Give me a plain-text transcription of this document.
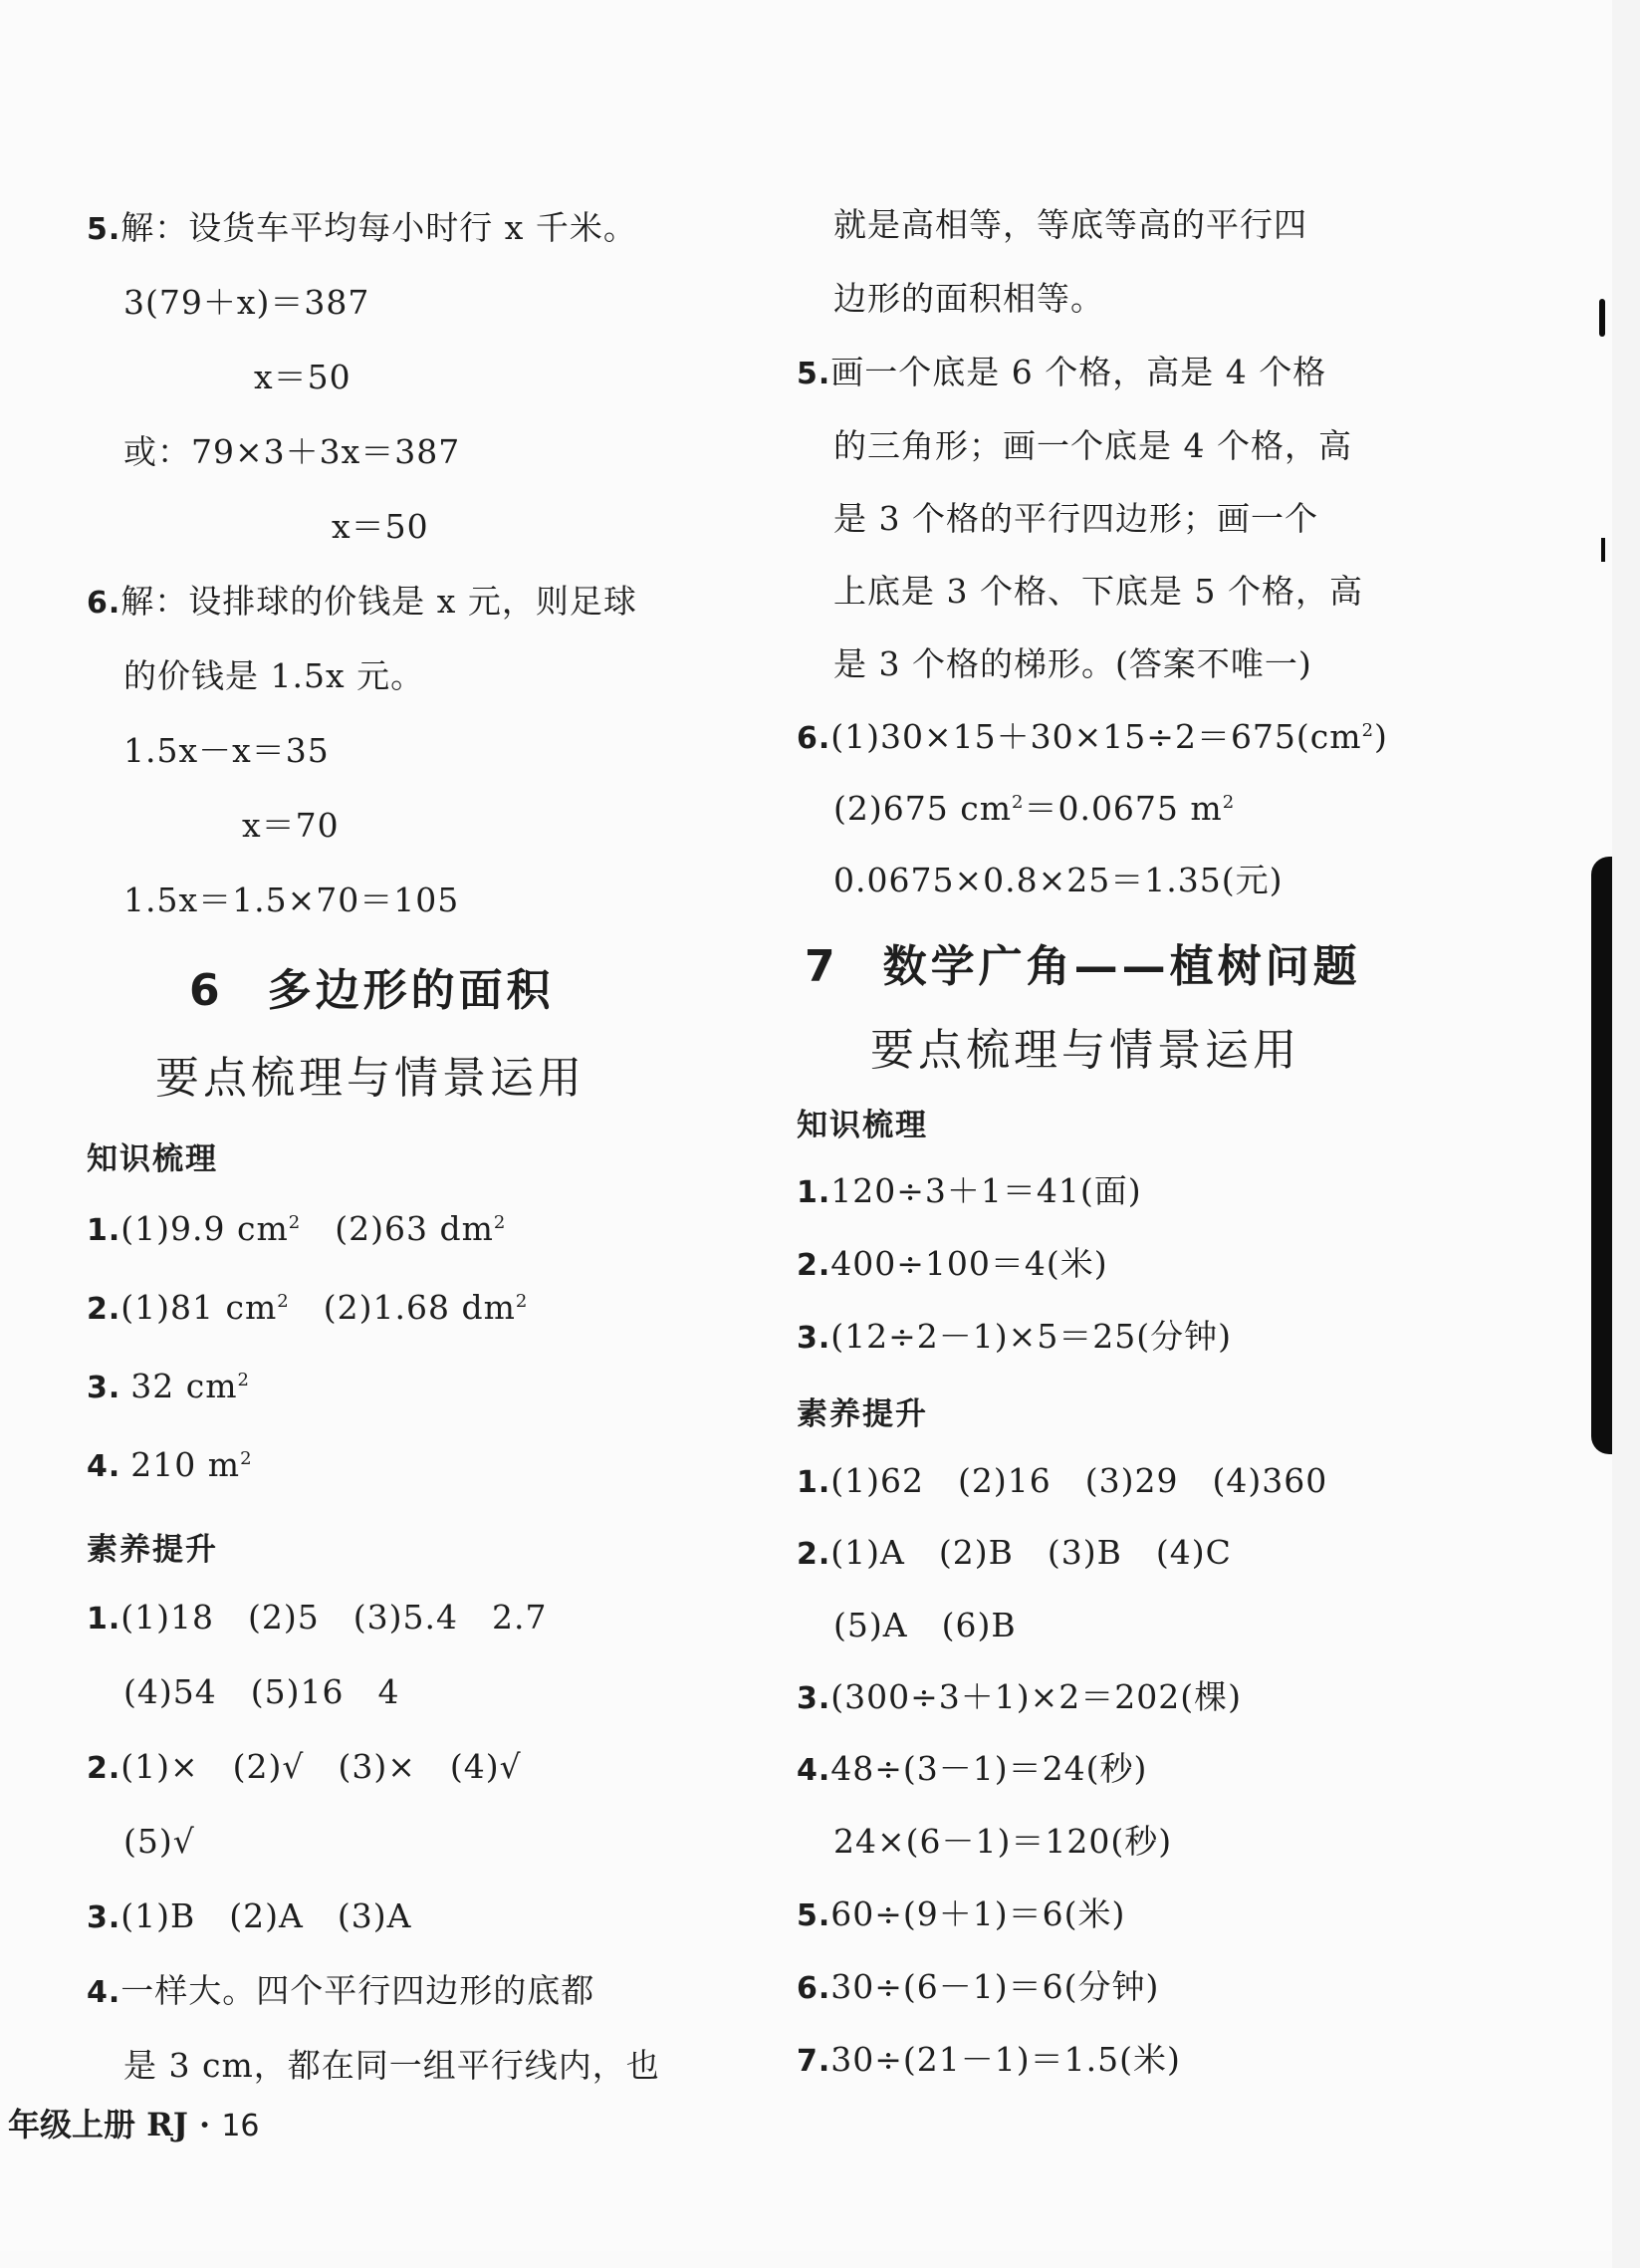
5.解：设货车平均每小时行 x 千米。
3(79＋x)＝387
x＝50
或：79×3＋3x＝387
x＝50
6.解：设排球的价钱是 x 元，则足球
的价钱是 1.5x 元。
1.5x－x＝35
x＝70
1.5x＝1.5×70＝105
6 多边形的面积
要点梳理与情景运用
知识梳理
1.(1)9.9 $cm^2$ (2)63 $dm^2$
2.(1)81 $cm^2$ (2)1.68 $dm^2$
3. 32 $cm^2$
4. 210 $m^2$
素养提升
1.(1)18　(2)5　(3)5.4　2.7
(4)54　(5)16　4
2.(1)×　(2)√　(3)×　(4)√
(5)√
3.(1)B　(2)A　(3)A
4.一样大。四个平行四边形的底都
是 3 cm，都在同一组平行线内，也
就是高相等，等底等高的平行四
边形的面积相等。
5.画一个底是 6 个格，高是 4 个格
的三角形；画一个底是 4 个格，高
是 3 个格的平行四边形；画一个
上底是 3 个格、下底是 5 个格，高
是 3 个格的梯形。(答案不唯一)
$6.(1)30\times 15+30\times 15\div 2=675(cm^2)$
(2)675 $cm^2=0.0675$ $m^2$
0.0675×0.8×25＝1.35(元)
7 数学广角——植树问题
要点梳理与情景运用
知识梳理
1.120÷3＋1＝41(面)
2.400÷100＝4(米)
3.(12÷2－1)×5＝25(分钟)
素养提升
1.(1)62　(2)16　(3)29　(4)360
2.(1)A　(2)B　(3)B　(4)C
(5)A　(6)B
3.(300÷3＋1)×2＝202(棵)
4.48÷(3－1)＝24(秒)
24×(6－1)＝120(秒)
5.60÷(9＋1)＝6(米)
6.30÷(6－1)＝6(分钟)
7.30÷(21－1)＝1.5(米)
年级上册 RJ · 16
